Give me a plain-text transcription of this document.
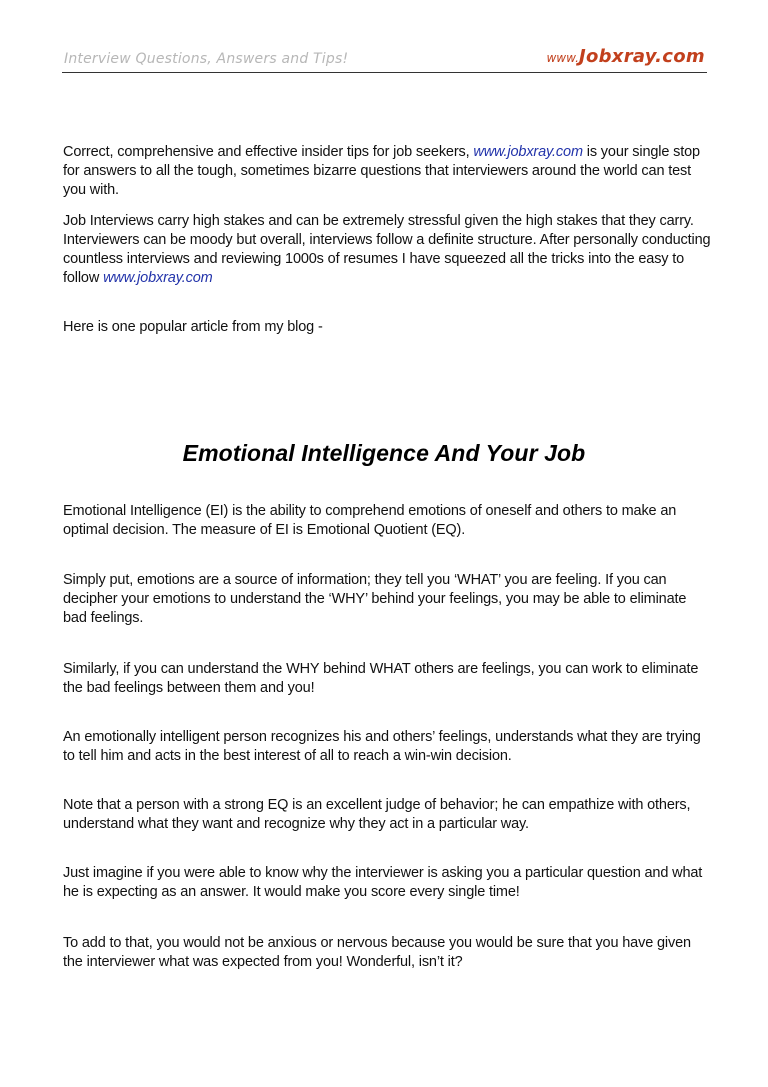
Interview Questions, Answers and Tips!	www.Jobxray.com
Correct, comprehensive and effective insider tips for job seekers, www.jobxray.com is your single stop for answers to all the tough, sometimes bizarre questions that interviewers around the world can test you with.
Job Interviews carry high stakes and can be extremely stressful given the high stakes that they carry. Interviewers can be moody but overall, interviews follow a definite structure. After personally conducting countless interviews and reviewing 1000s of resumes I have squeezed all the tricks into the easy to follow www.jobxray.com
Here is one popular article from my blog -
Emotional Intelligence And Your Job
Emotional Intelligence (EI) is the ability to comprehend emotions of oneself and others to make an optimal decision. The measure of EI is Emotional Quotient (EQ).
Simply put, emotions are a source of information; they tell you ‘WHAT’ you are feeling. If you can decipher your emotions to understand the ‘WHY’ behind your feelings, you may be able to eliminate bad feelings.
Similarly, if you can understand the WHY behind WHAT others are feelings, you can work to eliminate the bad feelings between them and you!
An emotionally intelligent person recognizes his and others’ feelings, understands what they are trying to tell him and acts in the best interest of all to reach a win-win decision.
Note that a person with a strong EQ is an excellent judge of behavior; he can empathize with others, understand what they want and recognize why they act in a particular way.
Just imagine if you were able to know why the interviewer is asking you a particular question and what he is expecting as an answer. It would make you score every single time!
To add to that, you would not be anxious or nervous because you would be sure that you have given the interviewer what was expected from you! Wonderful, isn’t it?
